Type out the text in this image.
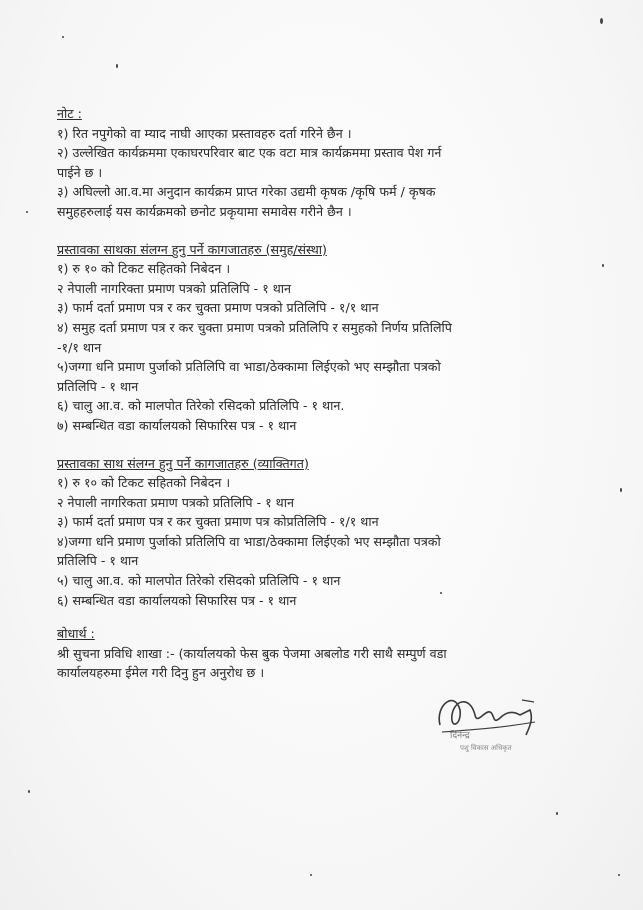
नोट :
१) रित नपुगेको वा म्याद नाघी आएका प्रस्तावहरु दर्ता गरिने छैन ।
२) उल्लेखित कार्यक्रममा एकाघरपरिवार बाट एक वटा मात्र कार्यक्रममा प्रस्ताव पेश गर्न
पाईने छ ।
३) अघिल्लो आ.व.मा अनुदान कार्यक्रम प्राप्त गरेका उद्यमी कृषक /कृषि फर्म / कृषक
समुहहरुलाई यस कार्यक्रमको छनोट प्रकृयामा समावेस गरीने छैन ।
प्रस्तावका साथका संलग्न हुनु पर्ने कागजातहरु (समुह/संस्था)
१) रु १० को टिकट सहितको निबेदन ।
२ नेपाली नागरिक्ता प्रमाण पत्रको प्रतिलिपि - १ थान
३) फार्म दर्ता प्रमाण पत्र र कर चुक्ता प्रमाण पत्रको प्रतिलिपि - १/१ थान
४) समुह दर्ता प्रमाण पत्र र कर चुक्ता प्रमाण पत्रको प्रतिलिपि र समुहको निर्णय प्रतिलिपि
-१/१ थान
५)जग्गा धनि प्रमाण पुर्जाको प्रतिलिपि वा भाडा/ठेक्कामा लिईएको भए सम्झौता पत्रको
प्रतिलिपि - १ थान
६) चालु आ.व. को मालपोत तिरेको रसिदको प्रतिलिपि - १ थान.
७) सम्बन्धित वडा कार्यालयको सिफारिस पत्र - १ थान
प्रस्तावका साथ संलग्न हुनु पर्ने कागजातहरु (व्याक्तिगत)
१) रु १० को टिकट सहितको निबेदन ।
२ नेपाली नागरिकता प्रमाण पत्रको प्रतिलिपि - १ थान
३) फार्म दर्ता प्रमाण पत्र र कर चुक्ता प्रमाण पत्र कोप्रतिलिपि - १/१ थान
४)जग्गा धनि प्रमाण पुर्जाको प्रतिलिपि वा भाडा/ठेक्कामा लिईएको भए सम्झौता पत्रको
प्रतिलिपि - १ थान
५) चालु आ.व. को मालपोत तिरेको रसिदको प्रतिलिपि - १ थान
६) सम्बन्धित वडा कार्यालयको सिफारिस पत्र - १ थान
बोधार्थ :
श्री सुचना प्रविधि शाखा :- (कार्यालयको फेस बुक पेजमा अबलोड गरी साथै सम्पुर्ण वडा
कार्यालयहरुमा ईमेल गरी दिनु हुन अनुरोध छ ।
दिनेन्द्र
पशु विकास अधिकृत
